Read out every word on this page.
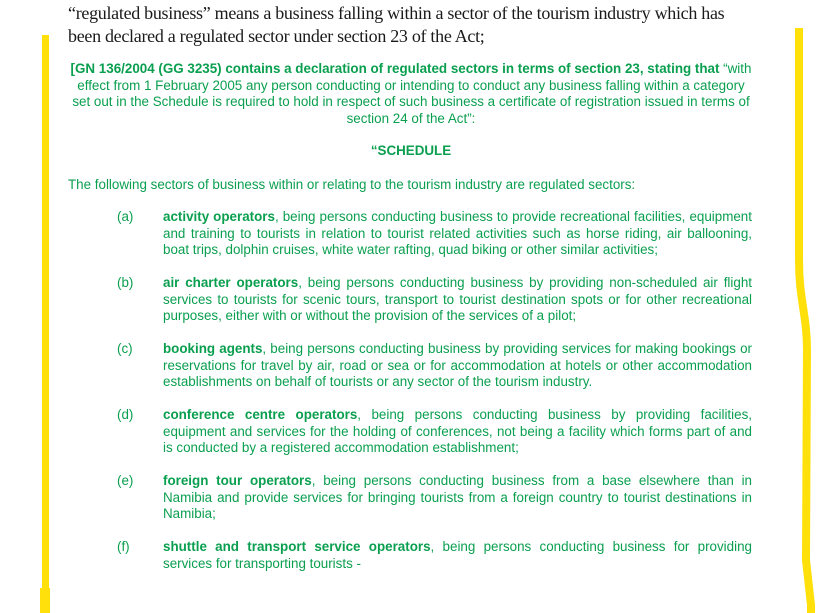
“regulated business” means a business falling within a sector of the tourism industry which has
been declared a regulated sector under section 23 of the Act;
[GN 136/2004 (GG 3235) contains a declaration of regulated sectors in terms of section 23, stating that “with effect from 1 February 2005 any person conducting or intending to conduct any business falling within a category set out in the Schedule is required to hold in respect of such business a certificate of registration issued in terms of section 24 of the Act”:
“SCHEDULE
The following sectors of business within or relating to the tourism industry are regulated sectors:
(a)	activity operators, being persons conducting business to provide recreational facilities, equipment and training to tourists in relation to tourist related activities such as horse riding, air ballooning, boat trips, dolphin cruises, white water rafting, quad biking or other similar activities;
(b)	air charter operators, being persons conducting business by providing non-scheduled air flight services to tourists for scenic tours, transport to tourist destination spots or for other recreational purposes, either with or without the provision of the services of a pilot;
(c)	booking agents, being persons conducting business by providing services for making bookings or reservations for travel by air, road or sea or for accommodation at hotels or other accommodation establishments on behalf of tourists or any sector of the tourism industry.
(d)	conference centre operators, being persons conducting business by providing facilities, equipment and services for the holding of conferences, not being a facility which forms part of and is conducted by a registered accommodation establishment;
(e)	foreign tour operators, being persons conducting business from a base elsewhere than in Namibia and provide services for bringing tourists from a foreign country to tourist destinations in Namibia;
(f)	shuttle and transport service operators, being persons conducting business for providing services for transporting tourists -
